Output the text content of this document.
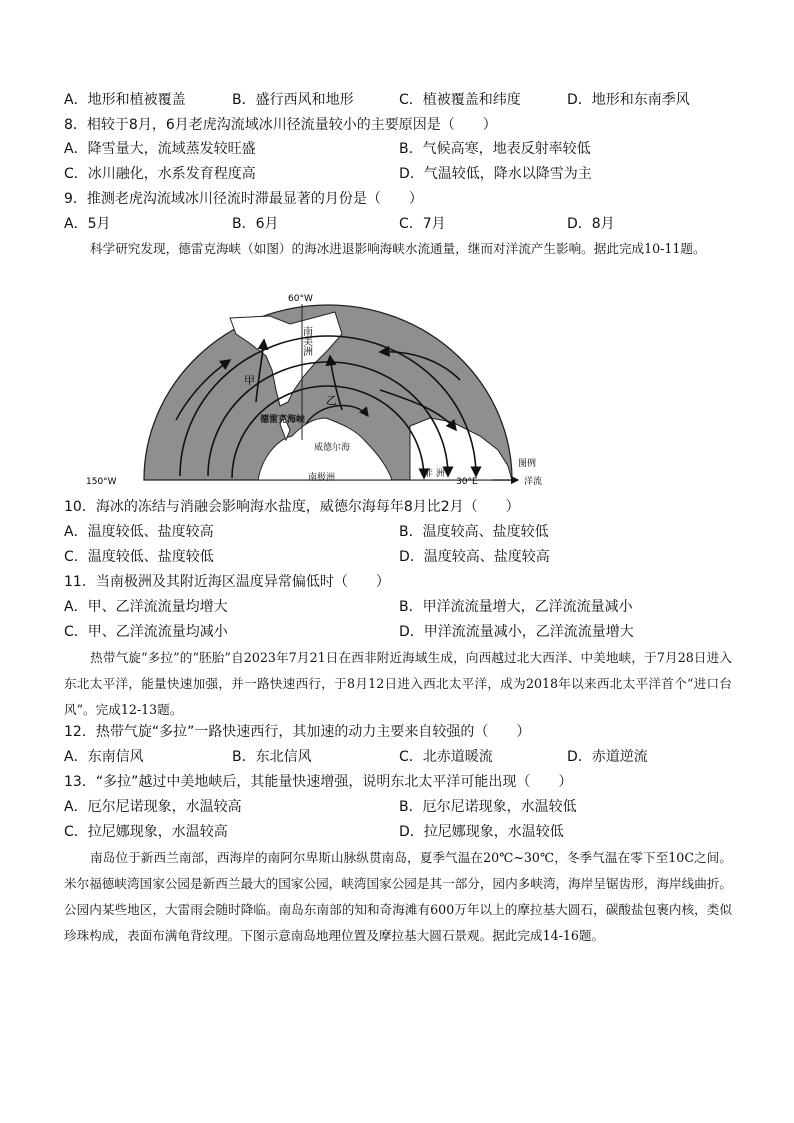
A．地形和植被覆盖	B．盛行西风和地形	C．植被覆盖和纬度	D．地形和东南季风
8．相较于8月，6月老虎沟流域冰川径流量较小的主要原因是（　　）
A．降雪量大，流域蒸发较旺盛	B．气候高寒，地表反射率较低
C．冰川融化，水系发育程度高	D．气温较低，降水以降雪为主
9．推测老虎沟流域冰川径流时滞最显著的月份是（　　）
A．5月	B．6月	C．7月	D．8月
科学研究发现，德雷克海峡（如图）的海冰进退影响海峡水流通量，继而对洋流产生影响。据此完成10-11题。
60°W
150°W	30°E
南美洲
甲
乙
德雷克海峡
威德尔海
南极洲	非 洲
图例
洋流
10．海冰的冻结与消融会影响海水盐度，威德尔海每年8月比2月（　　）
A．温度较低、盐度较高	B．温度较高、盐度较低
C．温度较低、盐度较低	D．温度较高、盐度较高
11．当南极洲及其附近海区温度异常偏低时（　　）
A．甲、乙洋流流量均增大	B．甲洋流流量增大，乙洋流流量减小
C．甲、乙洋流流量均减小	D．甲洋流流量减小，乙洋流流量增大
热带气旋“多拉”的“胚胎”自2023年7月21日在西非附近海域生成，向西越过北大西洋、中美地峡，于7月28日进入东北太平洋，能量快速加强，并一路快速西行，于8月12日进入西北太平洋，成为2018年以来西北太平洋首个“进口台风”。完成12-13题。
12．热带气旋“多拉”一路快速西行，其加速的动力主要来自较强的（　　）
A．东南信风	B．东北信风	C．北赤道暖流	D．赤道逆流
13．“多拉”越过中美地峡后，其能量快速增强，说明东北太平洋可能出现（　　）
A．厄尔尼诺现象，水温较高	B．厄尔尼诺现象，水温较低
C．拉尼娜现象，水温较高	D．拉尼娜现象，水温较低
南岛位于新西兰南部，西海岸的南阿尔卑斯山脉纵贯南岛，夏季气温在20℃~30℃，冬季气温在零下至10C之间。米尔福德峡湾国家公园是新西兰最大的国家公园，峡湾国家公园是其一部分，园内多峡湾，海岸呈锯齿形，海岸线曲折。公园内某些地区，大雷雨会随时降临。南岛东南部的知和奇海滩有600万年以上的摩拉基大圆石，碳酸盐包裹内核，类似珍珠构成，表面布满龟背纹理。下图示意南岛地理位置及摩拉基大圆石景观。据此完成14-16题。
